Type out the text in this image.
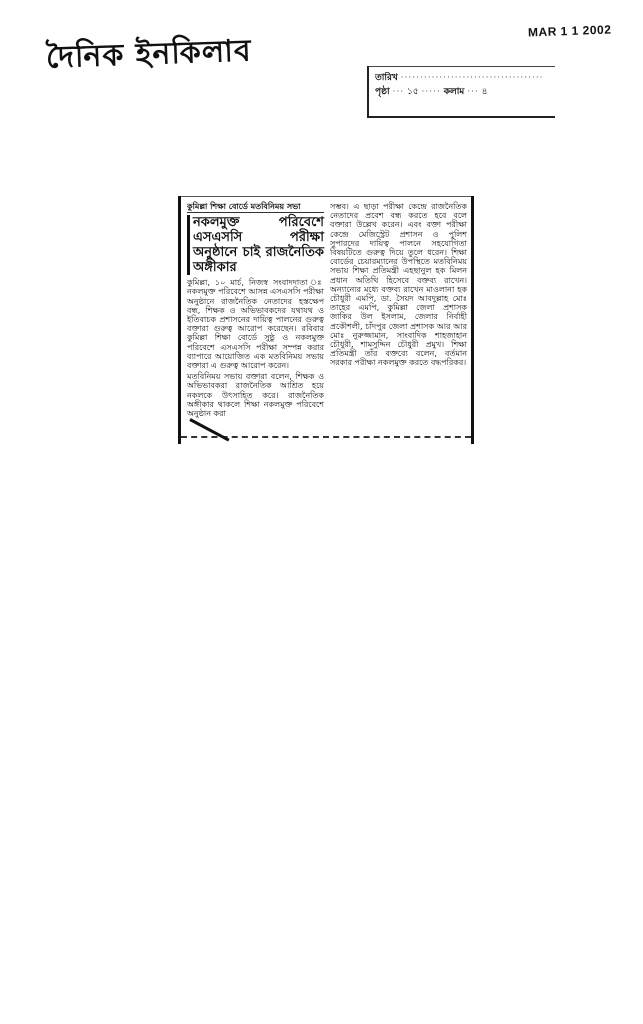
দৈনিক ইনকিলাব
MAR 1 1 2002
তারিখ ·····································
পৃষ্ঠা ··· ১৫ ····· কলাম ··· ৪
কুমিল্লা শিক্ষা বোর্ডে মতবিনিময় সভা
নকলমুক্ত পরিবেশে এসএসসি পরীক্ষা অনুষ্ঠানে চাই রাজনৈতিক অঙ্গীকার

কুমিল্লা, ১০ মার্চ, নিজস্ব সংবাদদাতা ঃ নকলমুক্ত পরিবেশে আসন্ন এসএসসি পরীক্ষা অনুষ্ঠানে রাজনৈতিক নেতাদের হস্তক্ষেপ বন্ধ, শিক্ষক ও অভিভাবকদের যথাযথ ও ইতিবাচক প্রশাসনের দায়িত্ব পালনের গুরুত্ব বক্তারা গুরুত্ব আরোপ করেছেন। রবিবার কুমিল্লা শিক্ষা বোর্ডে সুষ্ঠু ও নকলমুক্ত পরিবেশে এসএসসি পরীক্ষা সম্পন্ন করার ব্যাপারে আয়োজিত এক মতবিনিময় সভায় বক্তারা এ গুরুত্ব আরোপ করেন।

মতবিনিময় সভায় বক্তারা বলেন, শিক্ষক ও অভিভাবকরা রাজনৈতিক আশ্রিত হয়ে নকলকে উৎসাহিত করে। রাজনৈতিক অঙ্গীকার থাকলে শিক্ষা নকলমুক্ত পরিবেশে অনুষ্ঠান করা

সম্ভব। এ ছাড়া পরীক্ষা কেন্দ্রে রাজনৈতিক নেতাদের প্রবেশ বন্ধ করতে হবে বলে বক্তারা উল্লেখ করেন। এবং বক্তা পরীক্ষা কেন্দ্রে মেজিস্ট্রেট প্রশাসন ও পুলিশ সুপারদের দায়িত্ব পালনে সহযোগিতা বিষয়টিতে গুরুত্ব দিয়ে তুলে ধরেন। শিক্ষা বোর্ডের চেয়ারম্যানের উপস্থিতে মতবিনিময় সভায় শিক্ষা প্রতিমন্ত্রী এহছানুল হক মিলন প্রধান অতিথি হিসেবে বক্তব্য রাখেন। অন্যান্যের মধ্যে বক্তব্য রাখেন মাওলানা হক চৌধুরী এমপি, ডা. সৈয়দ আবদুল্লাহ মোঃ তাহের এমপি, কুমিল্লা জেলা প্রশাসক জাকির উল ইসলাম, জেলার নির্বাহী প্রকৌশলী, চাঁদপুর জেলা প্রশাসক আর আর মোঃ নুরুজ্জামান, সাংবাদিক শাহজাহান চৌধুরী, শামসুদ্দিন চৌধুরী প্রমুখ। শিক্ষা প্রতিমন্ত্রী তাঁর বক্তব্যে বলেন, বর্তমান সরকার পরীক্ষা নকলমুক্ত করতে বদ্ধপরিকর।
